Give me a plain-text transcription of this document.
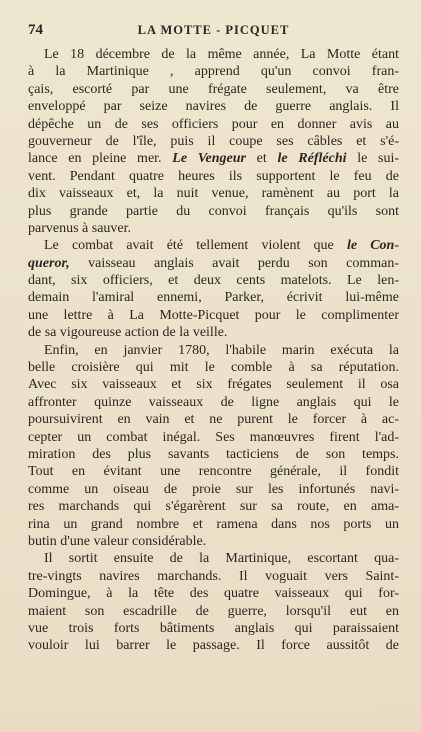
74	LA MOTTE - PICQUET
Le 18 décembre de la même année, La Motte étant
à la Martinique , apprend qu'un convoi fran-
çais, escorté par une frégate seulement, va être
enveloppé par seize navires de guerre anglais. Il
dépêche un de ses officiers pour en donner avis au
gouverneur de l'île, puis il coupe ses câbles et s'é-
lance en pleine mer. Le Vengeur et le Réfléchi le sui-
vent. Pendant quatre heures ils supportent le feu de
dix vaisseaux et, la nuit venue, ramènent au port la
plus grande partie du convoi français qu'ils sont
parvenus à sauver.
Le combat avait été tellement violent que le Con-
queror, vaisseau anglais avait perdu son comman-
dant, six officiers, et deux cents matelots. Le len-
demain l'amiral ennemi, Parker, écrivit lui-même
une lettre à La Motte-Picquet pour le complimenter
de sa vigoureuse action de la veille.
Enfin, en janvier 1780, l'habile marin exécuta la
belle croisière qui mit le comble à sa réputation.
Avec six vaisseaux et six frégates seulement il osa
affronter quinze vaisseaux de ligne anglais qui le
poursuivirent en vain et ne purent le forcer à ac-
cepter un combat inégal. Ses manœuvres firent l'ad-
miration des plus savants tacticiens de son temps.
Tout en évitant une rencontre générale, il fondit
comme un oiseau de proie sur les infortunés navi-
res marchands qui s'égarèrent sur sa route, en ama-
rina un grand nombre et ramena dans nos ports un
butin d'une valeur considérable.
Il sortit ensuite de la Martinique, escortant qua-
tre-vingts navires marchands. Il voguait vers Saint-
Domingue, à la tête des quatre vaisseaux qui for-
maient son escadrille de guerre, lorsqu'il eut en
vue trois forts bâtiments anglais qui paraissaient
vouloir lui barrer le passage. Il force aussitôt de
